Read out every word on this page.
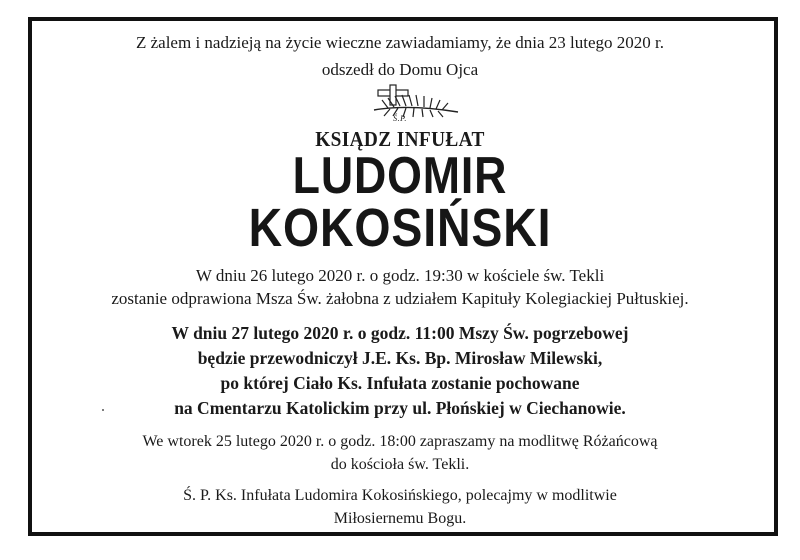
Z żalem i nadzieją na życie wieczne zawiadamiamy, że dnia 23 lutego 2020 r.
odszedł do Domu Ojca
Ś.P.
KSIĄDZ INFUŁAT
LUDOMIR
KOKOSIŃSKI
W dniu 26 lutego 2020 r. o godz. 19:30 w kościele św. Tekli
zostanie odprawiona Msza Św. żałobna z udziałem Kapituły Kolegiackiej Pułtuskiej.
W dniu 27 lutego 2020 r. o godz. 11:00 Mszy Św. pogrzebowej
będzie przewodniczył J.E. Ks. Bp. Mirosław Milewski,
po której Ciało Ks. Infułata zostanie pochowane
na Cmentarzu Katolickim przy ul. Płońskiej w Ciechanowie.
We wtorek 25 lutego 2020 r. o godz. 18:00 zapraszamy na modlitwę Różańcową
do kościoła św. Tekli.
Ś. P. Ks. Infułata Ludomira Kokosińskiego, polecajmy w modlitwie
Miłosiernemu Bogu.
